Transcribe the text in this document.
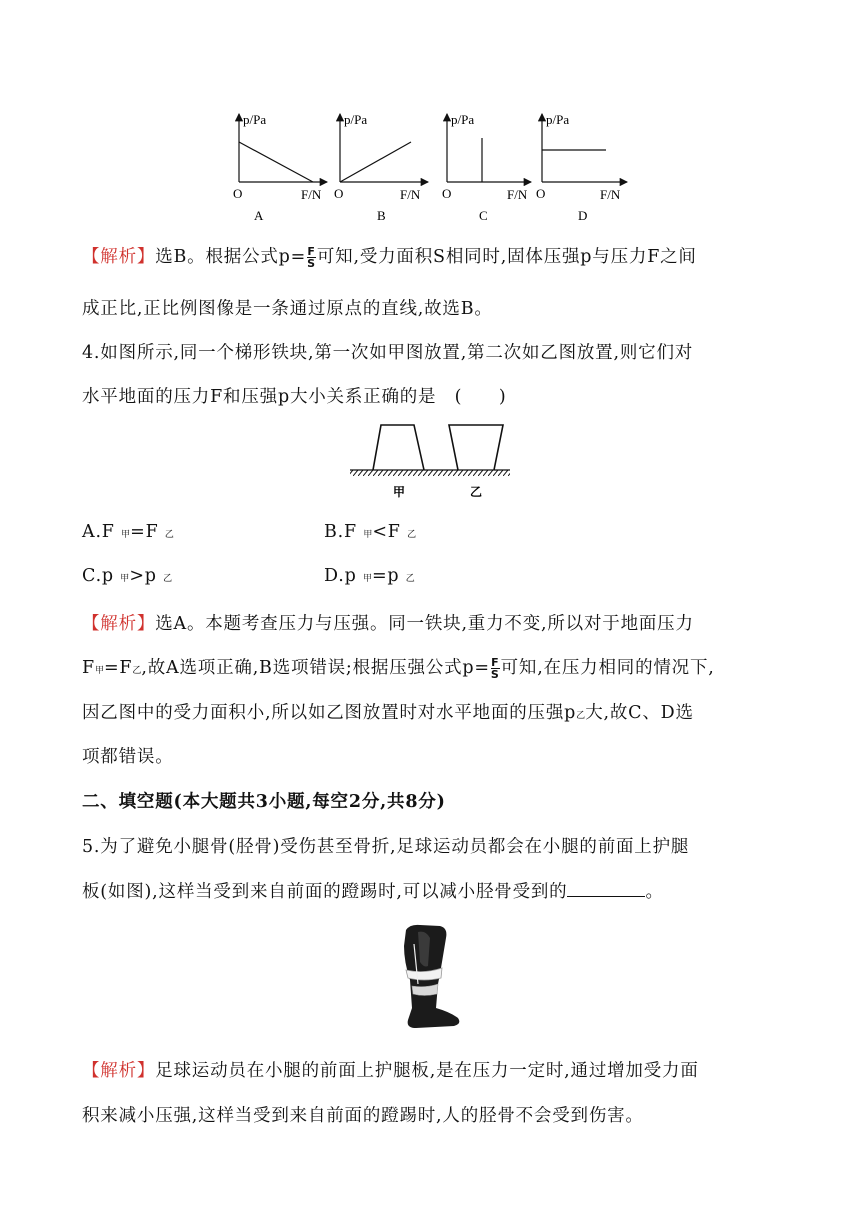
p/Pa
O	F/N
A
p/Pa
O	F/N
B
p/Pa
O	F/N
C
p/Pa
O	F/N
D
【解析】选B。根据公式$p= \frac{F}{S}$ 可知,受力面积S相同时,固体压强p与压力F之间
成正比,正比例图像是一条通过原点的直线,故选B。
4.如图所示,同一个梯形铁块,第一次如甲图放置,第二次如乙图放置,则它们对
水平地面的压力F和压强p大小关系正确的是　(　　)
甲	乙
A.F 甲=F 乙	B.F 甲<F 乙
C.p 甲>p 乙	D.p 甲=p 乙
【解析】选A。本题考查压力与压强。同一铁块,重力不变,所以对于地面压力
F甲=F乙,故A选项正确,B选项错误;根据压强公式$p= \frac{F}{S}$ 可知,在压力相同的情况下,
因乙图中的受力面积小,所以如乙图放置时对水平地面的压强p乙大,故C、D选
项都错误。
二、填空题(本大题共3小题,每空2分,共8分)
5.为了避免小腿骨(胫骨)受伤甚至骨折,足球运动员都会在小腿的前面上护腿
板(如图),这样当受到来自前面的蹬踢时,可以减小胫骨受到的	。
【解析】足球运动员在小腿的前面上护腿板,是在压力一定时,通过增加受力面
积来减小压强,这样当受到来自前面的蹬踢时,人的胫骨不会受到伤害。
